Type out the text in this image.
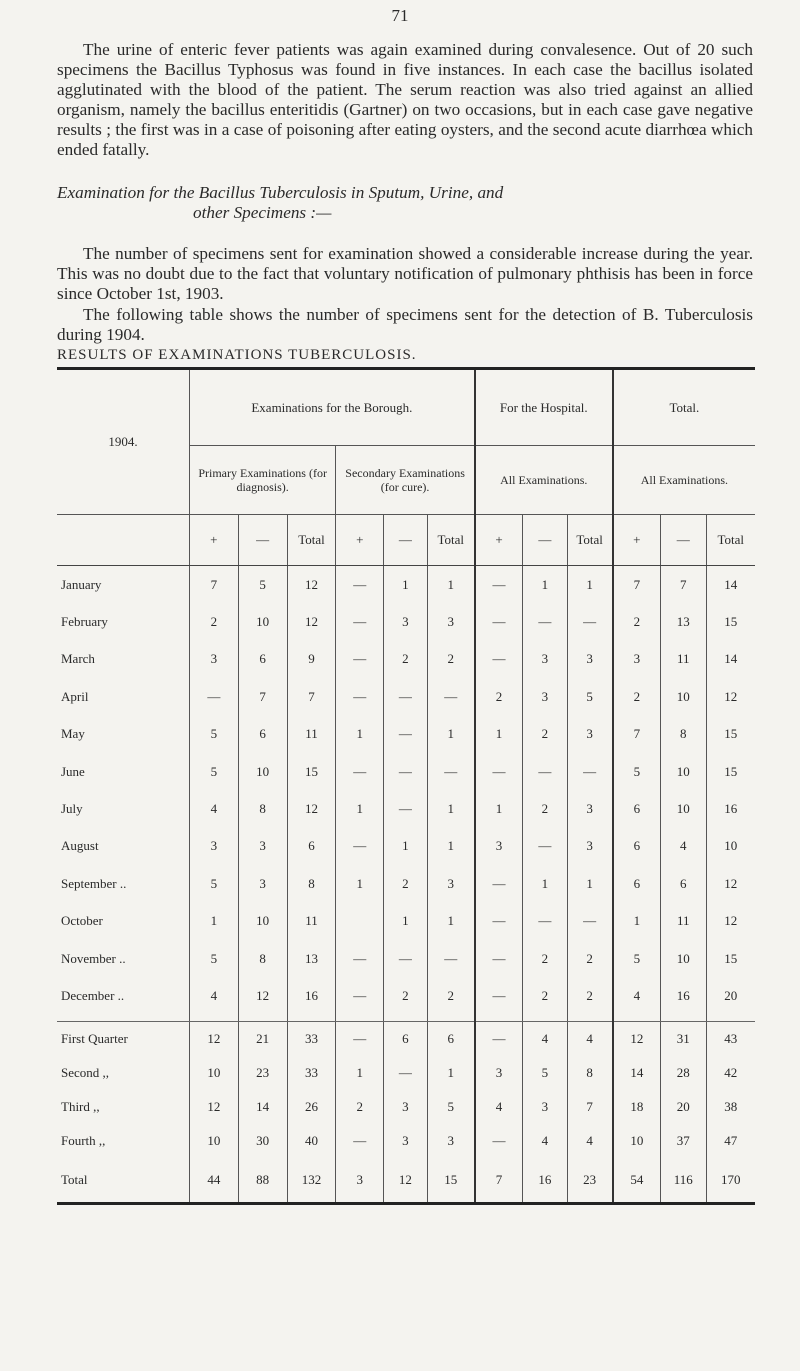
71

The urine of enteric fever patients was again examined during convalesence. Out of 20 such specimens the Bacillus Typhosus was found in five instances. In each case the bacillus isolated agglutinated with the blood of the patient. The serum reaction was also tried against an allied organism, namely the bacillus enteritidis (Gartner) on two occasions, but in each case gave negative results ; the first was in a case of poisoning after eating oysters, and the second acute diarrhœa which ended fatally.

Examination for the Bacillus Tuberculosis in Sputum, Urine, and
other Specimens :—

The number of specimens sent for examination showed a considerable increase during the year. This was no doubt due to the fact that voluntary notification of pulmonary phthisis has been in force since October 1st, 1903.

The following table shows the number of specimens sent for the detection of B. Tuberculosis during 1904.

RESULTS OF EXAMINATIONS TUBERCULOSIS.

1904.	Examinations for the Borough.						For the Hospital.			Total.		
	Primary Examinations (for diagnosis).			Secondary Examinations (for cure).			All Examinations.			All Examinations.		
	+	—	Total	+	—	Total	+	—	Total	+	—	Total
January	7	5	12	—	1	1	—	1	1	7	7	14
February	2	10	12	—	3	3	—	—	—	2	13	15
March	3	6	9	—	2	2	—	3	3	3	11	14
April	—	7	7	—	—	—	2	3	5	2	10	12
May	5	6	11	1	—	1	1	2	3	7	8	15
June	5	10	15	—	—	—	—	—	—	5	10	15
July	4	8	12	1	—	1	1	2	3	6	10	16
August	3	3	6	—	1	1	3	—	3	6	4	10
September ..	5	3	8	1	2	3	—	1	1	6	6	12
October	1	10	11		1	1	—	—	—	1	11	12
November ..	5	8	13	—	—	—	—	2	2	5	10	15
December ..	4	12	16	—	2	2	—	2	2	4	16	20

First Quarter	12	21	33	—	6	6	—	4	4	12	31	43
Second ,,	10	23	33	1	—	1	3	5	8	14	28	42
Third ,,	12	14	26	2	3	5	4	3	7	18	20	38
Fourth ,,	10	30	40	—	3	3	—	4	4	10	37	47
Total	44	88	132	3	12	15	7	16	23	54	116	170
